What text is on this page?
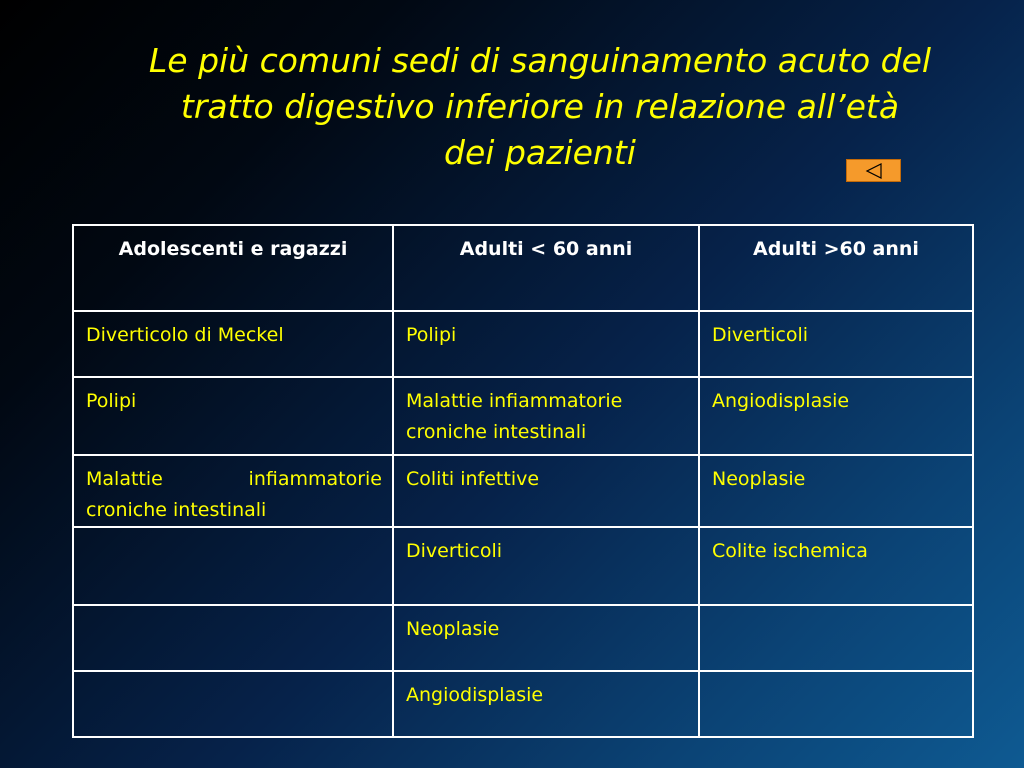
Le più comuni sedi di sanguinamento acuto del
tratto digestivo inferiore in relazione all’età
dei pazienti
Adolescenti e ragazzi	Adulti < 60 anni	Adulti >60 anni
Diverticolo di Meckel	Polipi	Diverticoli
Polipi	Malattie infiammatorie croniche intestinali	Angiodisplasie
Malattie infiammatorie croniche intestinali	Coliti infettive	Neoplasie
	Diverticoli	Colite ischemica
	Neoplasie	
	Angiodisplasie	
